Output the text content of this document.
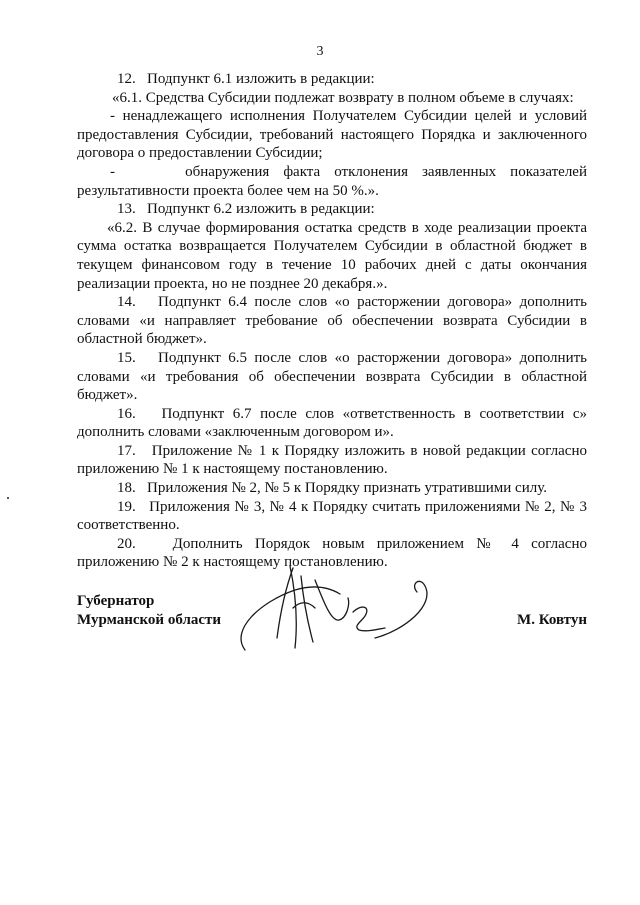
3

12.   Подпункт 6.1 изложить в редакции:

«6.1. Средства Субсидии подлежат возврату в полном объеме в случаях:

- ненадлежащего исполнения Получателем Субсидии целей и условий предоставления Субсидии, требований настоящего Порядка и заключенного договора о предоставлении Субсидии;

-     обнаружения факта отклонения заявленных показателей результативности проекта более чем на 50 %.».

13.   Подпункт 6.2 изложить в редакции:

«6.2. В случае формирования остатка средств в ходе реализации проекта сумма остатка возвращается Получателем Субсидии в областной бюджет в текущем финансовом году в течение 10 рабочих дней с даты окончания реализации проекта, но не позднее 20 декабря.».

14.   Подпункт 6.4 после слов «о расторжении договора» дополнить словами «и направляет требование об обеспечении возврата Субсидии в областной бюджет».

15.   Подпункт 6.5 после слов «о расторжении договора» дополнить словами «и требования об обеспечении возврата Субсидии в областной бюджет».

16.   Подпункт 6.7 после слов «ответственность в соответствии с» дополнить словами «заключенным договором и».

17.   Приложение № 1 к Порядку изложить в новой редакции согласно приложению № 1 к настоящему постановлению.

18.   Приложения № 2, № 5 к Порядку признать утратившими силу.

19.   Приложения № 3, № 4 к Порядку считать приложениями № 2, № 3 соответственно.

20.   Дополнить Порядок новым приложением № 4 согласно приложению № 2 к настоящему постановлению.

Губернатор
Мурманской области	М. Ковтун
